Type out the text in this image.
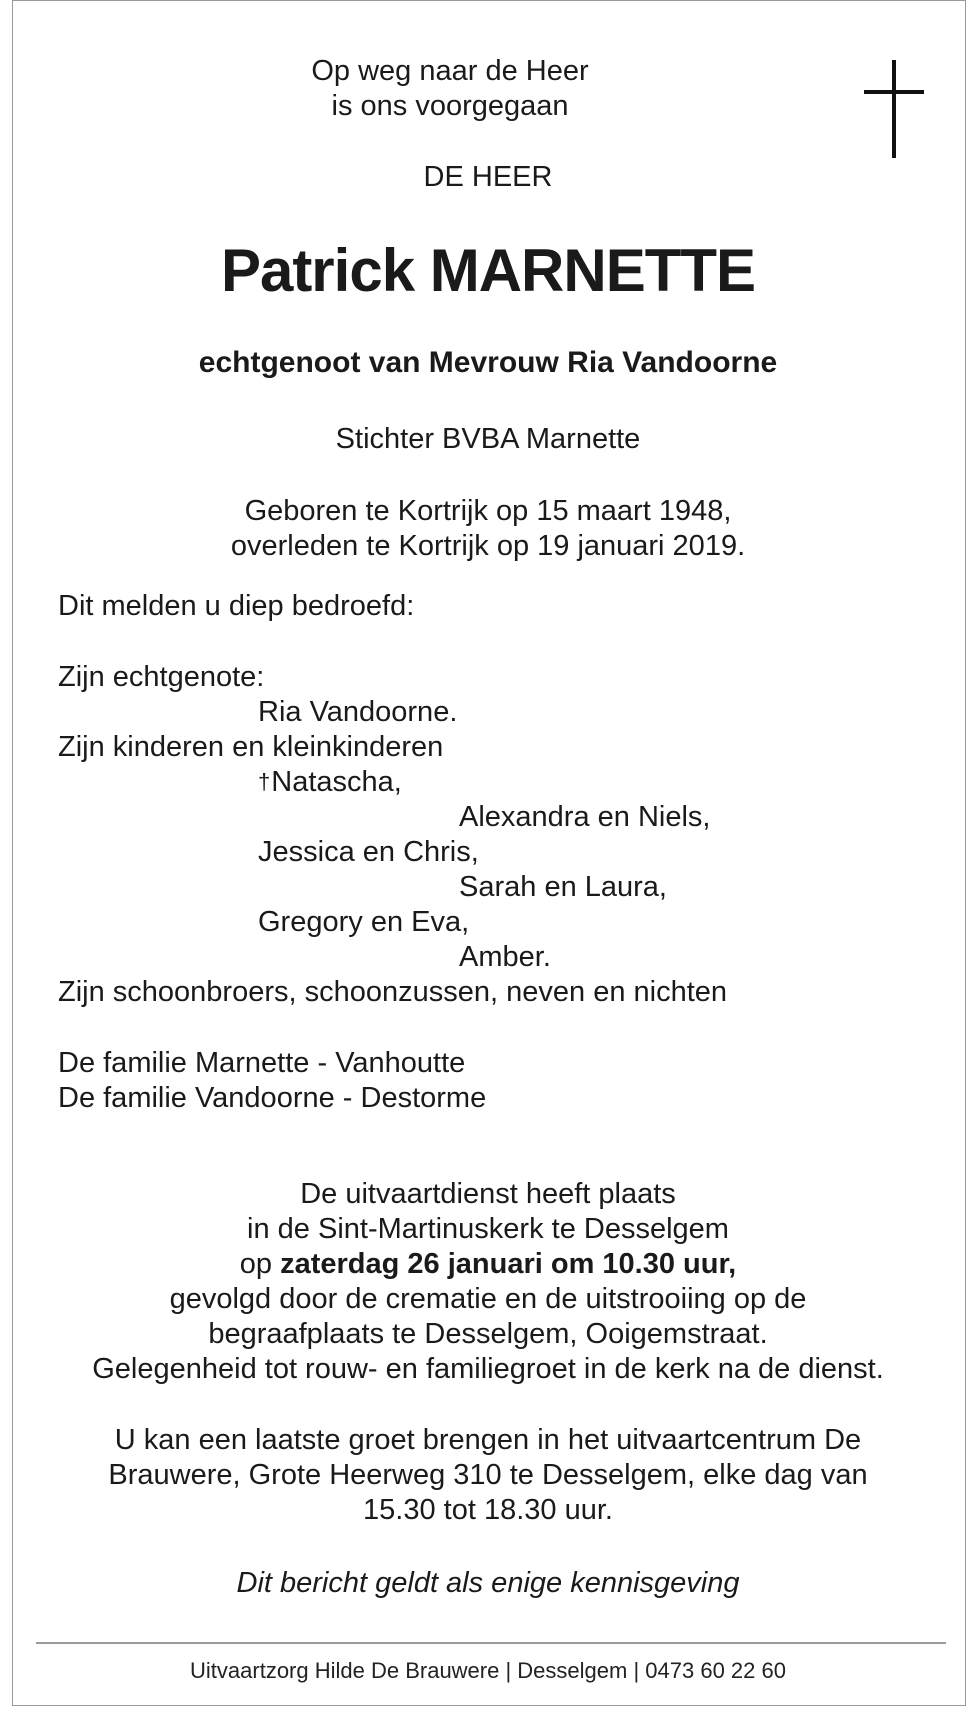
Op weg naar de Heer
is ons voorgegaan
DE HEER
Patrick MARNETTE
echtgenoot van Mevrouw Ria Vandoorne
Stichter BVBA Marnette
Geboren te Kortrijk op 15 maart 1948,
overleden te Kortrijk op 19 januari 2019.
Dit melden u diep bedroefd:
Zijn echtgenote:
Ria Vandoorne.
Zijn kinderen en kleinkinderen
†Natascha,
Alexandra en Niels,
Jessica en Chris,
Sarah en Laura,
Gregory en Eva,
Amber.
Zijn schoonbroers, schoonzussen, neven en nichten
De familie Marnette - Vanhoutte
De familie Vandoorne - Destorme
De uitvaartdienst heeft plaats
in de Sint-Martinuskerk te Desselgem
op zaterdag 26 januari om 10.30 uur,
gevolgd door de crematie en de uitstrooiing op de
begraafplaats te Desselgem, Ooigemstraat.
Gelegenheid tot rouw- en familiegroet in de kerk na de dienst.
U kan een laatste groet brengen in het uitvaartcentrum De
Brauwere, Grote Heerweg 310 te Desselgem, elke dag van
15.30 tot 18.30 uur.
Dit bericht geldt als enige kennisgeving
Uitvaartzorg Hilde De Brauwere | Desselgem | 0473 60 22 60
